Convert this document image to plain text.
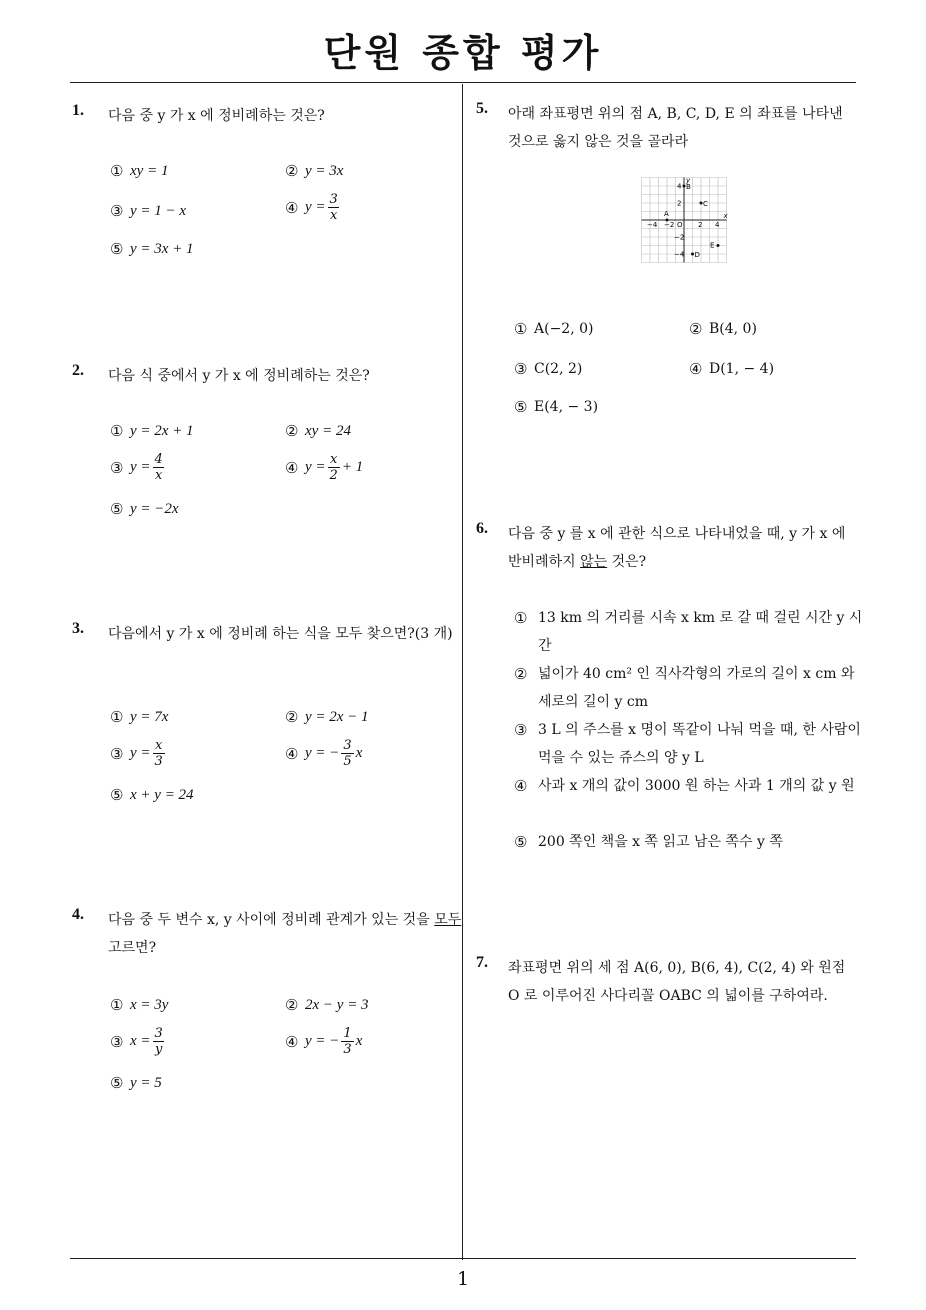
단원 종합 평가
1
1. 다음 중 y 가 x 에 정비례하는 것은?
① xy = 1	② y = 3x
③ y = 1 − x	④ $y = \frac{3}{x}$
⑤ y = 3x + 1
2. 다음 식 중에서 y 가 x 에 정비례하는 것은?
① y = 2x + 1	② xy = 24
③ $y = \frac{4}{x}$	④ $y = \frac{x}{2} + 1$
⑤ y = −2x
3. 다음에서 y 가 x 에 정비례 하는 식을 모두 찾으면?(3 개)
① y = 7x	② y = 2x − 1
③ $y = \frac{x}{3}$	④ y = − $\frac{3}{5}$ x
⑤ x + y = 24
4. 다음 중 두 변수 x, y 사이에 정비례 관계가 있는 것을 모두 고르면?
① x = 3y	② 2x − y = 3
③ $x = \frac{3}{y}$	④ y = − $\frac{1}{3}$ x
⑤ y = 5
5. 아래 좌표평면 위의 점 A, B, C, D, E 의 좌표를 나타낸 것으로 옳지 않은 것을 골라라
x
y
O
−4 −2	2 4
4
2
−2
−4
A
B
C
D
E
① A(−2, 0)	② B(4, 0)
③ C(2, 2)	④ D(1, − 4)
⑤ E(4, − 3)
6. 다음 중 y 를 x 에 관한 식으로 나타내었을 때, y 가 x 에 반비례하지 않는 것은?
① 13 km 의 거리를 시속 x km 로 갈 때 걸린 시간 y 시간
② 넓이가 40 cm² 인 직사각형의 가로의 길이 x cm 와 세로의 길이 y cm
③ 3 L 의 주스를 x 명이 똑같이 나눠 먹을 때, 한 사람이 먹을 수 있는 쥬스의 양 y L
④ 사과 x 개의 값이 3000 원 하는 사과 1 개의 값 y 원
⑤ 200 쪽인 책을 x 쪽 읽고 남은 쪽수 y 쪽
7. 좌표평면 위의 세 점 A(6, 0), B(6, 4), C(2, 4) 와 원점 O 로 이루어진 사다리꼴 OABC 의 넓이를 구하여라.
